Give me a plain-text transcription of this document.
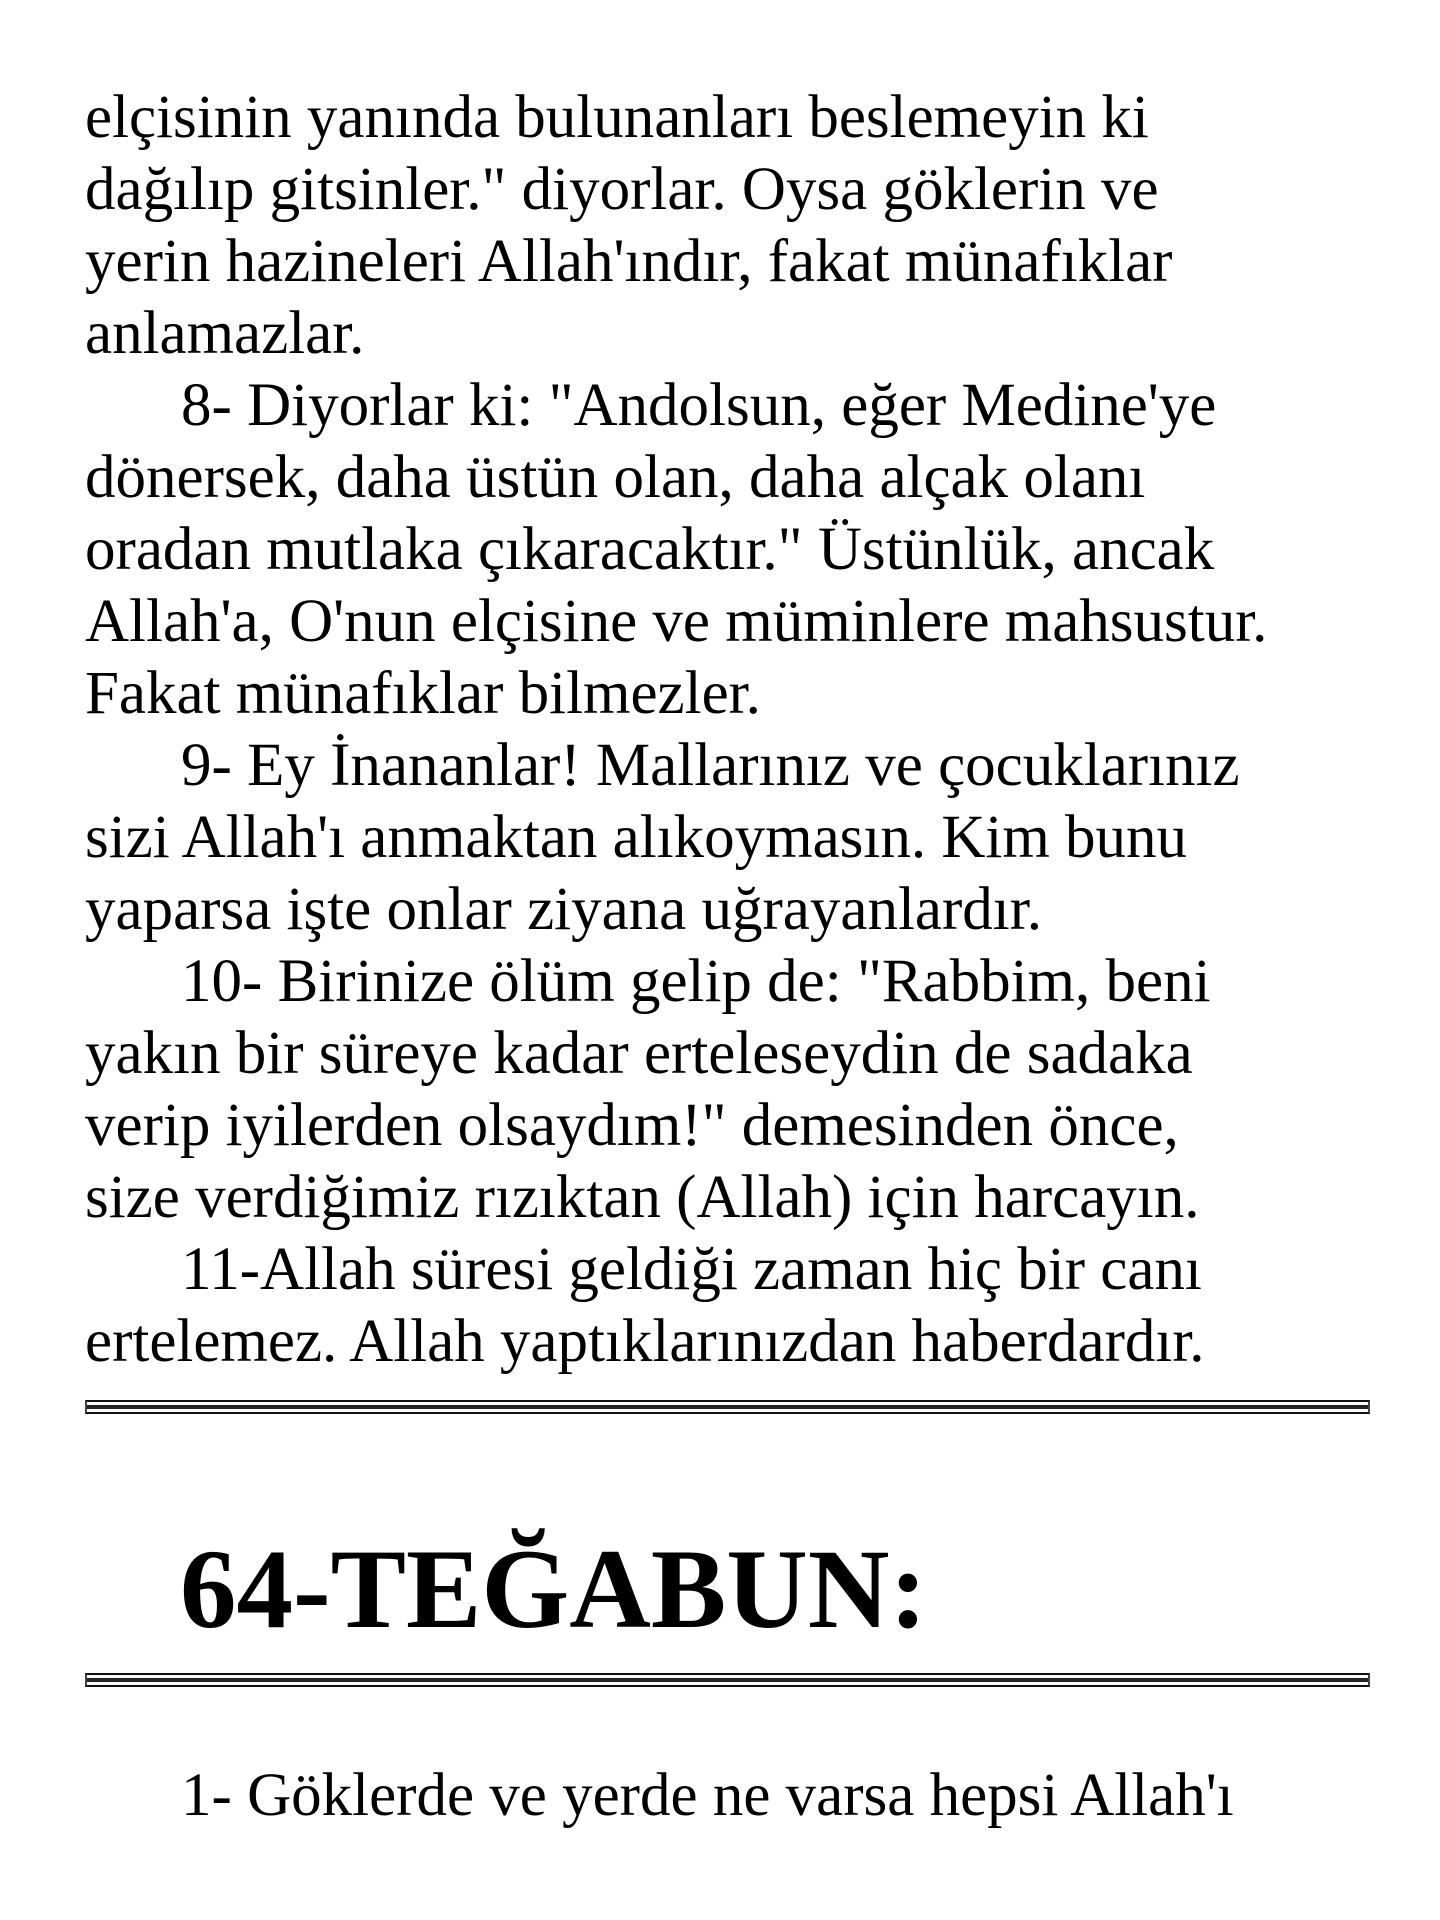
elçisinin yanında bulunanları beslemeyin ki
dağılıp gitsinler." diyorlar. Oysa göklerin ve
yerin hazineleri Allah'ındır, fakat münafıklar
anlamazlar.

8- Diyorlar ki: "Andolsun, eğer Medine'ye
dönersek, daha üstün olan, daha alçak olanı
oradan mutlaka çıkaracaktır." Üstünlük, ancak
Allah'a, O'nun elçisine ve müminlere mahsustur.
Fakat münafıklar bilmezler.

9- Ey İnananlar! Mallarınız ve çocuklarınız
sizi Allah'ı anmaktan alıkoymasın. Kim bunu
yaparsa işte onlar ziyana uğrayanlardır.

10- Birinize ölüm gelip de: "Rabbim, beni
yakın bir süreye kadar erteleseydin de sadaka
verip iyilerden olsaydım!" demesinden önce,
size verdiğimiz rızıktan (Allah) için harcayın.

11-Allah süresi geldiği zaman hiç bir canı
ertelemez. Allah yaptıklarınızdan haberdardır.

64-TEĞABUN:

1- Göklerde ve yerde ne varsa hepsi Allah'ı
